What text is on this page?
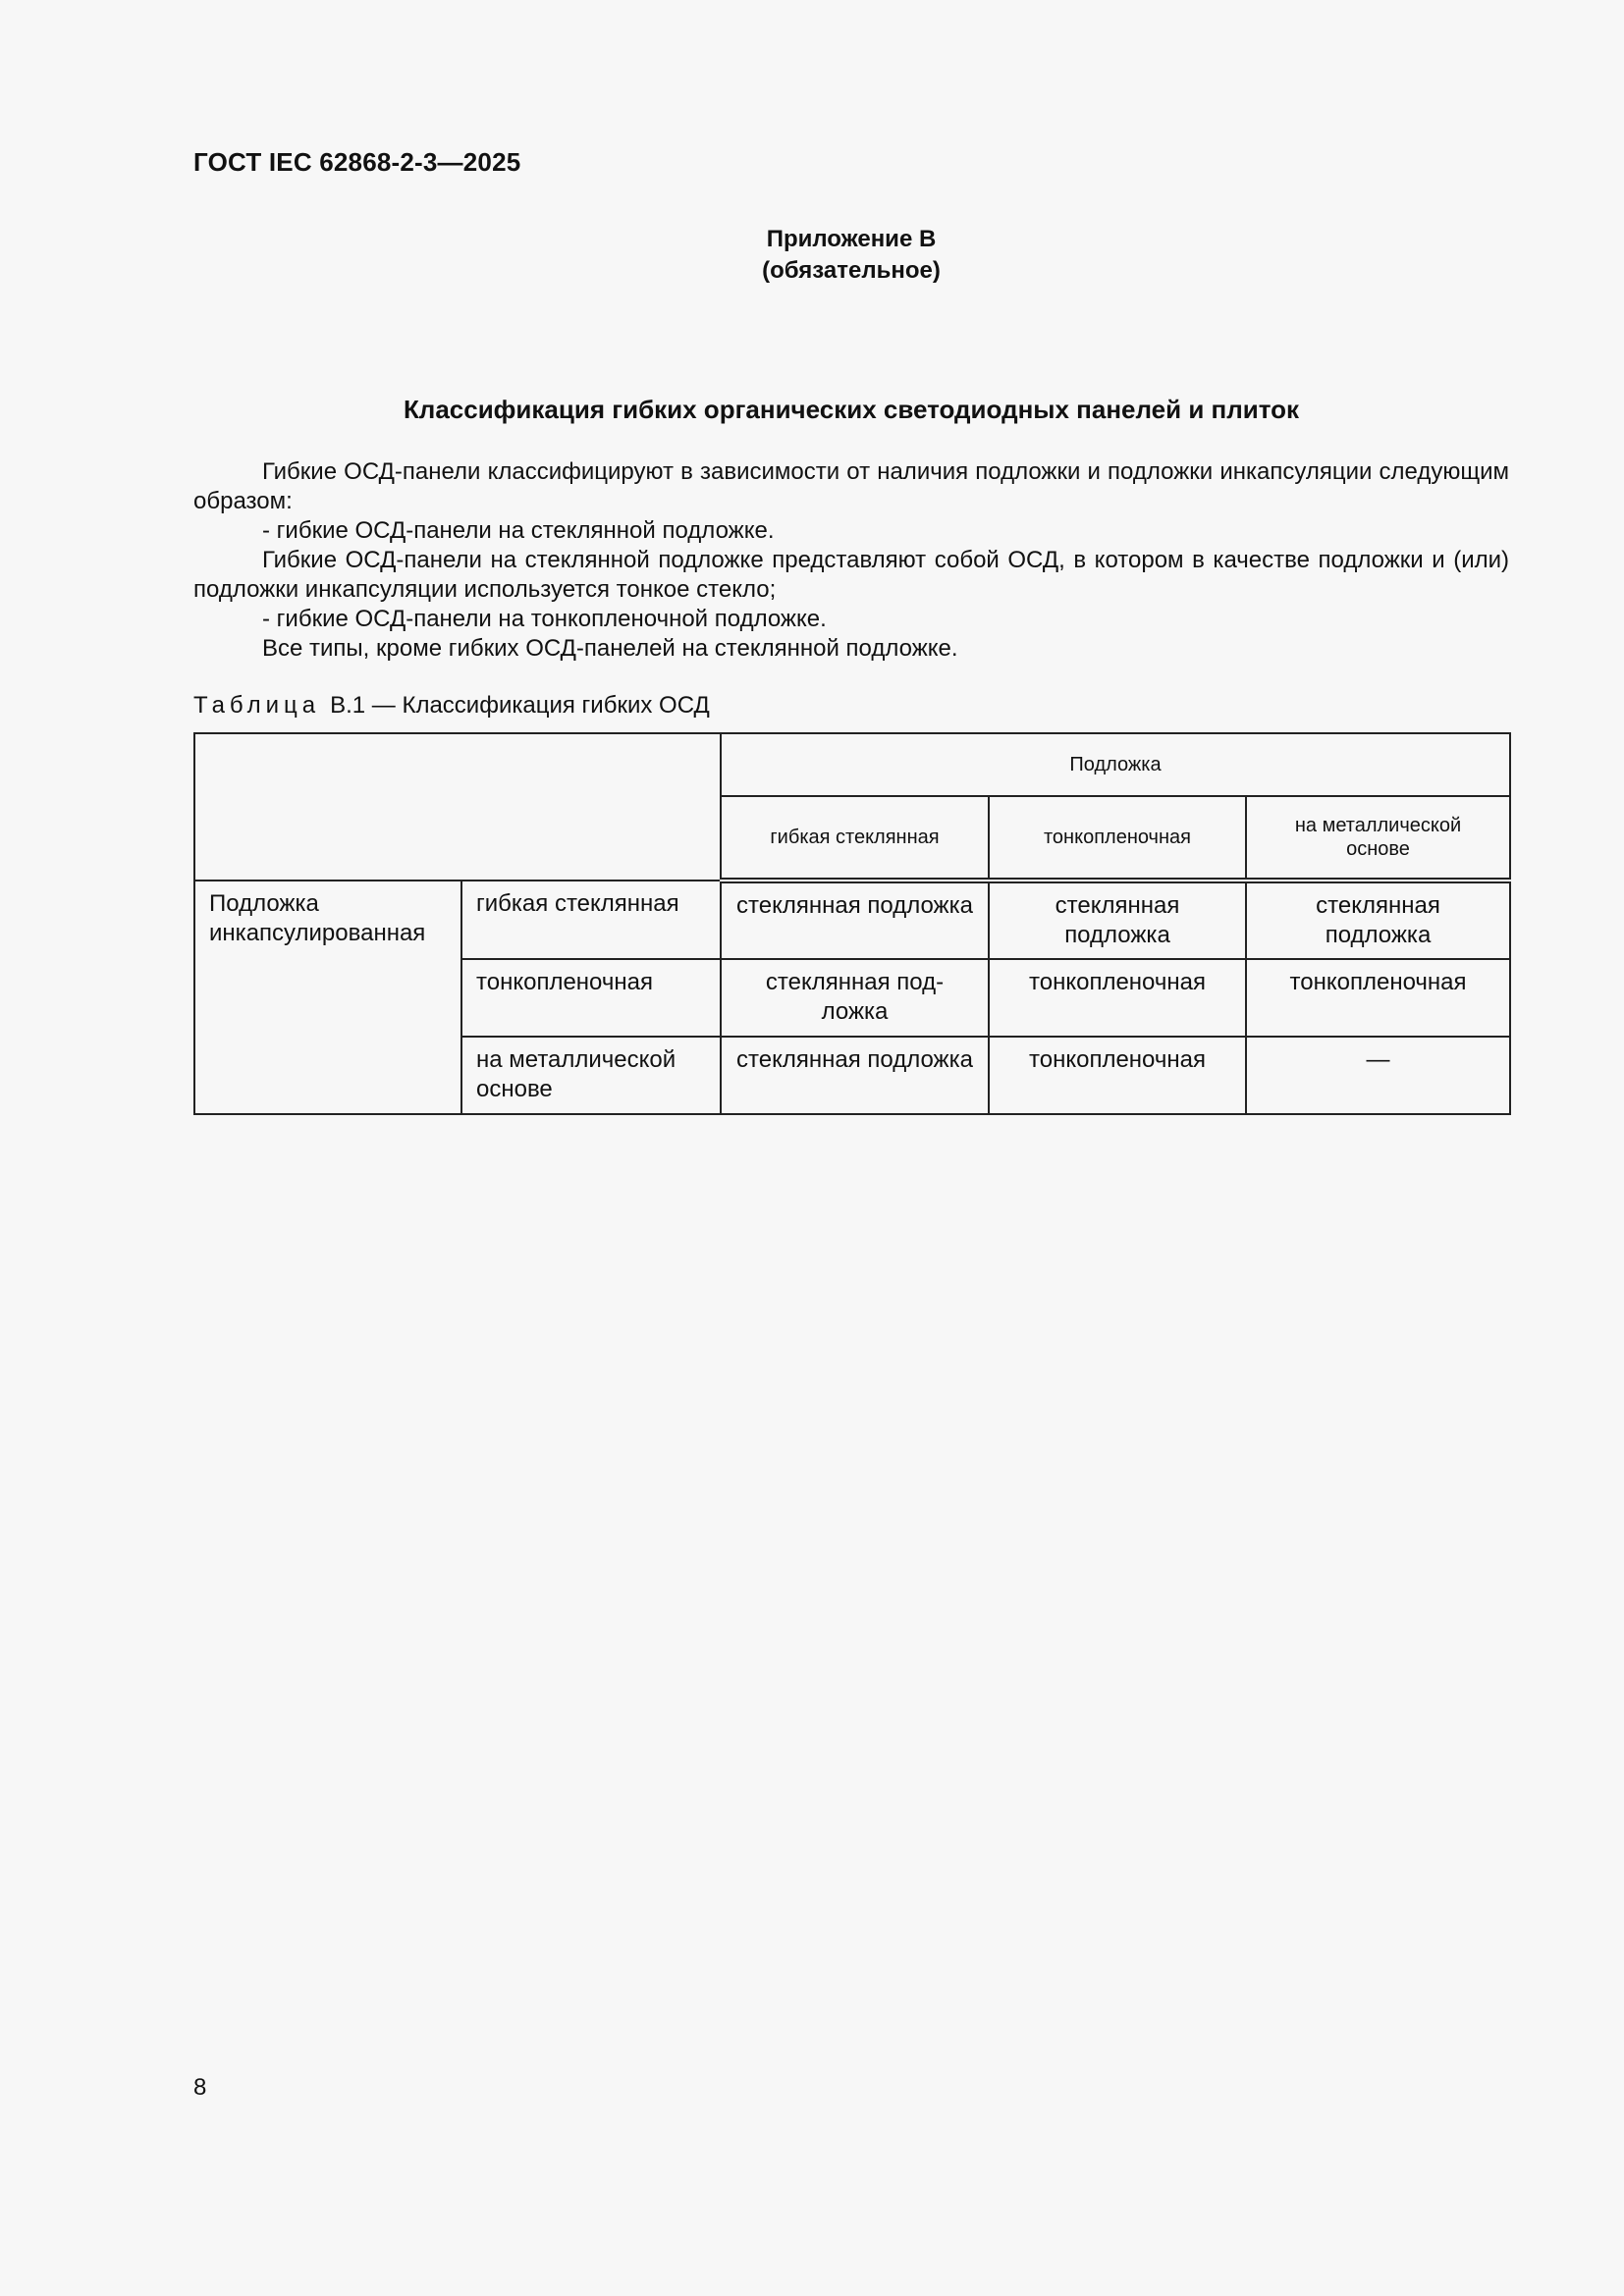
ГОСТ IEC 62868-2-3—2025
Приложение В
(обязательное)
Классификация гибких органических светодиодных панелей и плиток

Гибкие ОСД-панели классифицируют в зависимости от наличия подложки и подложки инкапсуляции следующим образом:

- гибкие ОСД-панели на стеклянной подложке.

Гибкие ОСД-панели на стеклянной подложке представляют собой ОСД, в котором в качестве подложки и (или) подложки инкапсуляции используется тонкое стекло;

- гибкие ОСД-панели на тонкопленочной подложке.

Все типы, кроме гибких ОСД-панелей на стеклянной подложке.

Таблица В.1 — Классификация гибких ОСД
		Подложка		
		гибкая стеклянная	тонкопленочная	на металлической основе
Подложка инкапсулированная	гибкая стеклянная	стеклянная подложка	стеклянная подложка	стеклянная подложка
	тонкопленочная	стеклянная под-ложка	тонкопленочная	тонкопленочная
	на металлической основе	стеклянная подложка	тонкопленочная	—
8
